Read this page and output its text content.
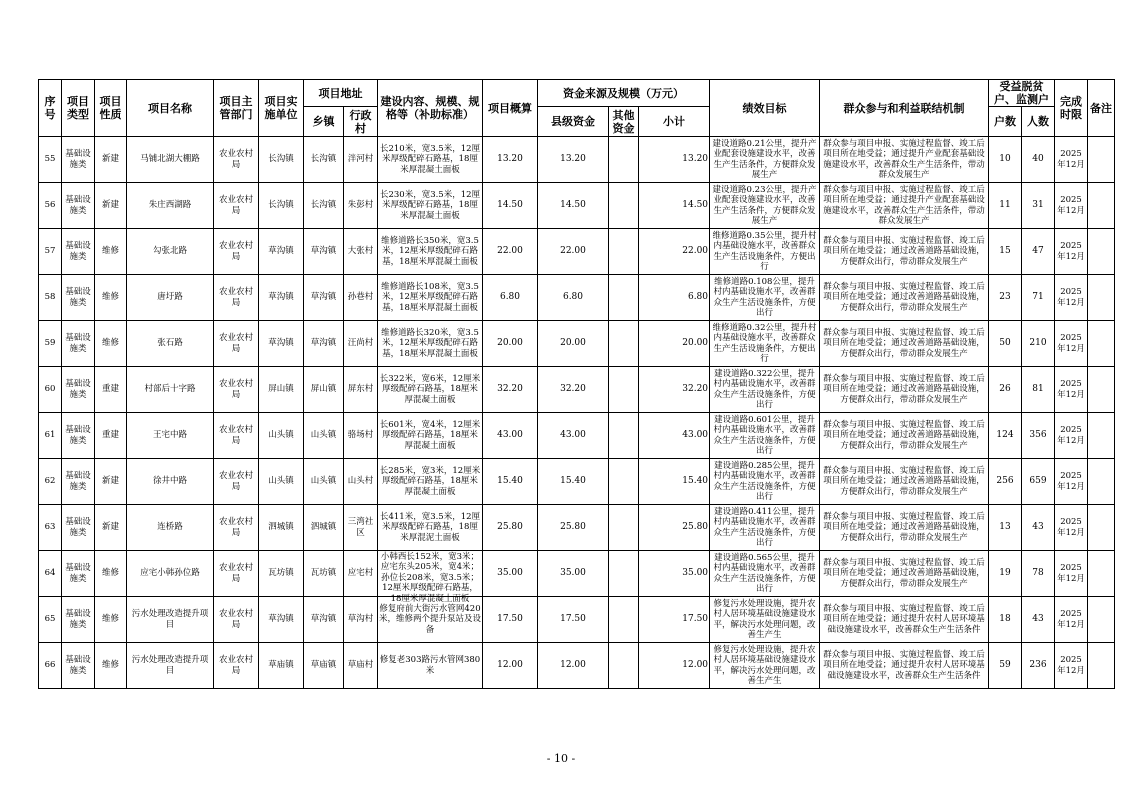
序号	项目类型	项目性质	项目名称	项目主管部门	项目实施单位	项目地址		建设内容、规模、规格等（补助标准）	项目概算	资金来源及规模（万元）			绩效目标	群众参与和利益联结机制	受益脱贫户、监测户		完成时限	备注
						乡镇	行政村			县级资金	其他资金	小计			户数	人数		

55	基础设施类	新建	马铺北湖大棚路	农业农村局	长沟镇	长沟镇	泮河村	长210米，宽3.5米，12厘米厚级配碎石路基，18厘米厚混凝土面板	13.20	13.20		13.20	建设道路0.21公里，提升产业配套设施建设水平，改善生产生活条件，方便群众发展生产	群众参与项目申报、实施过程监督、竣工后项目所在地受益；通过提升产业配套基础设施建设水平，改善群众生产生活条件，带动群众发展生产	10	40	2025年12月	

56	基础设施类	新建	朱庄西湖路	农业农村局	长沟镇	长沟镇	朱彭村	长230米，宽3.5米，12厘米厚级配碎石路基，18厘米厚混凝土面板	14.50	14.50		14.50	建设道路0.23公里，提升产业配套设施建设水平，改善生产生活条件，方便群众发展生产	群众参与项目申报、实施过程监督、竣工后项目所在地受益；通过提升产业配套基础设施建设水平，改善群众生产生活条件，带动群众发展生产	11	31	2025年12月	

57	基础设施类	维修	勾张北路	农业农村局	草沟镇	草沟镇	大张村	维修道路长350米，宽3.5米，12厘米厚级配碎石路基，18厘米厚混凝土面板	22.00	22.00		22.00	维修道路0.35公里，提升村内基础设施水平，改善群众生产生活设施条件，方便出行	群众参与项目申报、实施过程监督、竣工后项目所在地受益；通过改善道路基础设施，方便群众出行，带动群众发展生产	15	47	2025年12月	

58	基础设施类	维修	唐圩路	农业农村局	草沟镇	草沟镇	孙巷村	维修道路长108米，宽3.5米，12厘米厚级配碎石路基，18厘米厚混凝土面板	6.80	6.80		6.80	维修道路0.108公里，提升村内基础设施水平，改善群众生产生活设施条件，方便出行	群众参与项目申报、实施过程监督、竣工后项目所在地受益；通过改善道路基础设施，方便群众出行，带动群众发展生产	23	71	2025年12月	

59	基础设施类	维修	张石路	农业农村局	草沟镇	草沟镇	汪尚村	维修道路长320米，宽3.5米，12厘米厚级配碎石路基，18厘米厚混凝土面板	20.00	20.00		20.00	维修道路0.32公里，提升村内基础设施水平，改善群众生产生活设施条件，方便出行	群众参与项目申报、实施过程监督、竣工后项目所在地受益；通过改善道路基础设施，方便群众出行，带动群众发展生产	50	210	2025年12月	

60	基础设施类	重建	村部后十字路	农业农村局	屏山镇	屏山镇	屏东村	长322米，宽6米，12厘米厚级配碎石路基，18厘米厚混凝土面板	32.20	32.20		32.20	建设道路0.322公里，提升村内基础设施水平，改善群众生产生活设施条件，方便出行	群众参与项目申报、实施过程监督、竣工后项目所在地受益；通过改善道路基础设施，方便群众出行，带动群众发展生产	26	81	2025年12月	

61	基础设施类	重建	王宅中路	农业农村局	山头镇	山头镇	骆场村	长601米，宽4米，12厘米厚级配碎石路基，18厘米厚混凝土面板	43.00	43.00		43.00	建设道路0.601公里，提升村内基础设施水平，改善群众生产生活设施条件，方便出行	群众参与项目申报、实施过程监督、竣工后项目所在地受益；通过改善道路基础设施，方便群众出行，带动群众发展生产	124	356	2025年12月	

62	基础设施类	新建	徐井中路	农业农村局	山头镇	山头镇	山头村	长285米，宽3米，12厘米厚级配碎石路基，18厘米厚混凝土面板	15.40	15.40		15.40	建设道路0.285公里，提升村内基础设施水平，改善群众生产生活设施条件，方便出行	群众参与项目申报、实施过程监督、竣工后项目所在地受益；通过改善道路基础设施，方便群众出行，带动群众发展生产	256	659	2025年12月	

63	基础设施类	新建	连桥路	农业农村局	泗城镇	泗城镇	三湾社区	长411米，宽3.5米，12厘米厚级配碎石路基，18厘米厚混泥土面板	25.80	25.80		25.80	建设道路0.411公里，提升村内基础设施水平，改善群众生产生活设施条件，方便出行	群众参与项目申报、实施过程监督、竣工后项目所在地受益；通过改善道路基础设施，方便群众出行，带动群众发展生产	13	43	2025年12月	

64	基础设施类	维修	应宅小韩孙位路	农业农村局	瓦坊镇	瓦坊镇	应宅村	小韩西长152米，宽3米；应宅东头205米，宽4米；孙位长208米，宽3.5米；12厘米厚级配碎石路基，18厘米厚混凝土面板	35.00	35.00		35.00	建设道路0.565公里，提升村内基础设施水平，改善群众生产生活设施条件，方便出行	群众参与项目申报、实施过程监督、竣工后项目所在地受益；通过改善道路基础设施，方便群众出行，带动群众发展生产	19	78	2025年12月	

65	基础设施类	维修	污水处理改造提升项目	农业农村局	草沟镇	草沟镇	草沟村	修复府前大街污水管网420米，维修两个提升泵站及设备	17.50	17.50		17.50	修复污水处理设施，提升农村人居环境基础设施建设水平，解决污水处理问题，改善生产生	群众参与项目申报、实施过程监督、竣工后项目所在地受益；通过提升农村人居环境基础设施建设水平，改善群众生产生活条件	18	43	2025年12月	

66	基础设施类	维修	污水处理改造提升项目	农业农村局	草庙镇	草庙镇	草庙村	修复老303路污水管网380米	12.00	12.00		12.00	修复污水处理设施，提升农村人居环境基础设施建设水平，解决污水处理问题，改善生产生	群众参与项目申报、实施过程监督、竣工后项目所在地受益；通过提升农村人居环境基础设施建设水平，改善群众生产生活条件	59	236	2025年12月	

- 10 -
